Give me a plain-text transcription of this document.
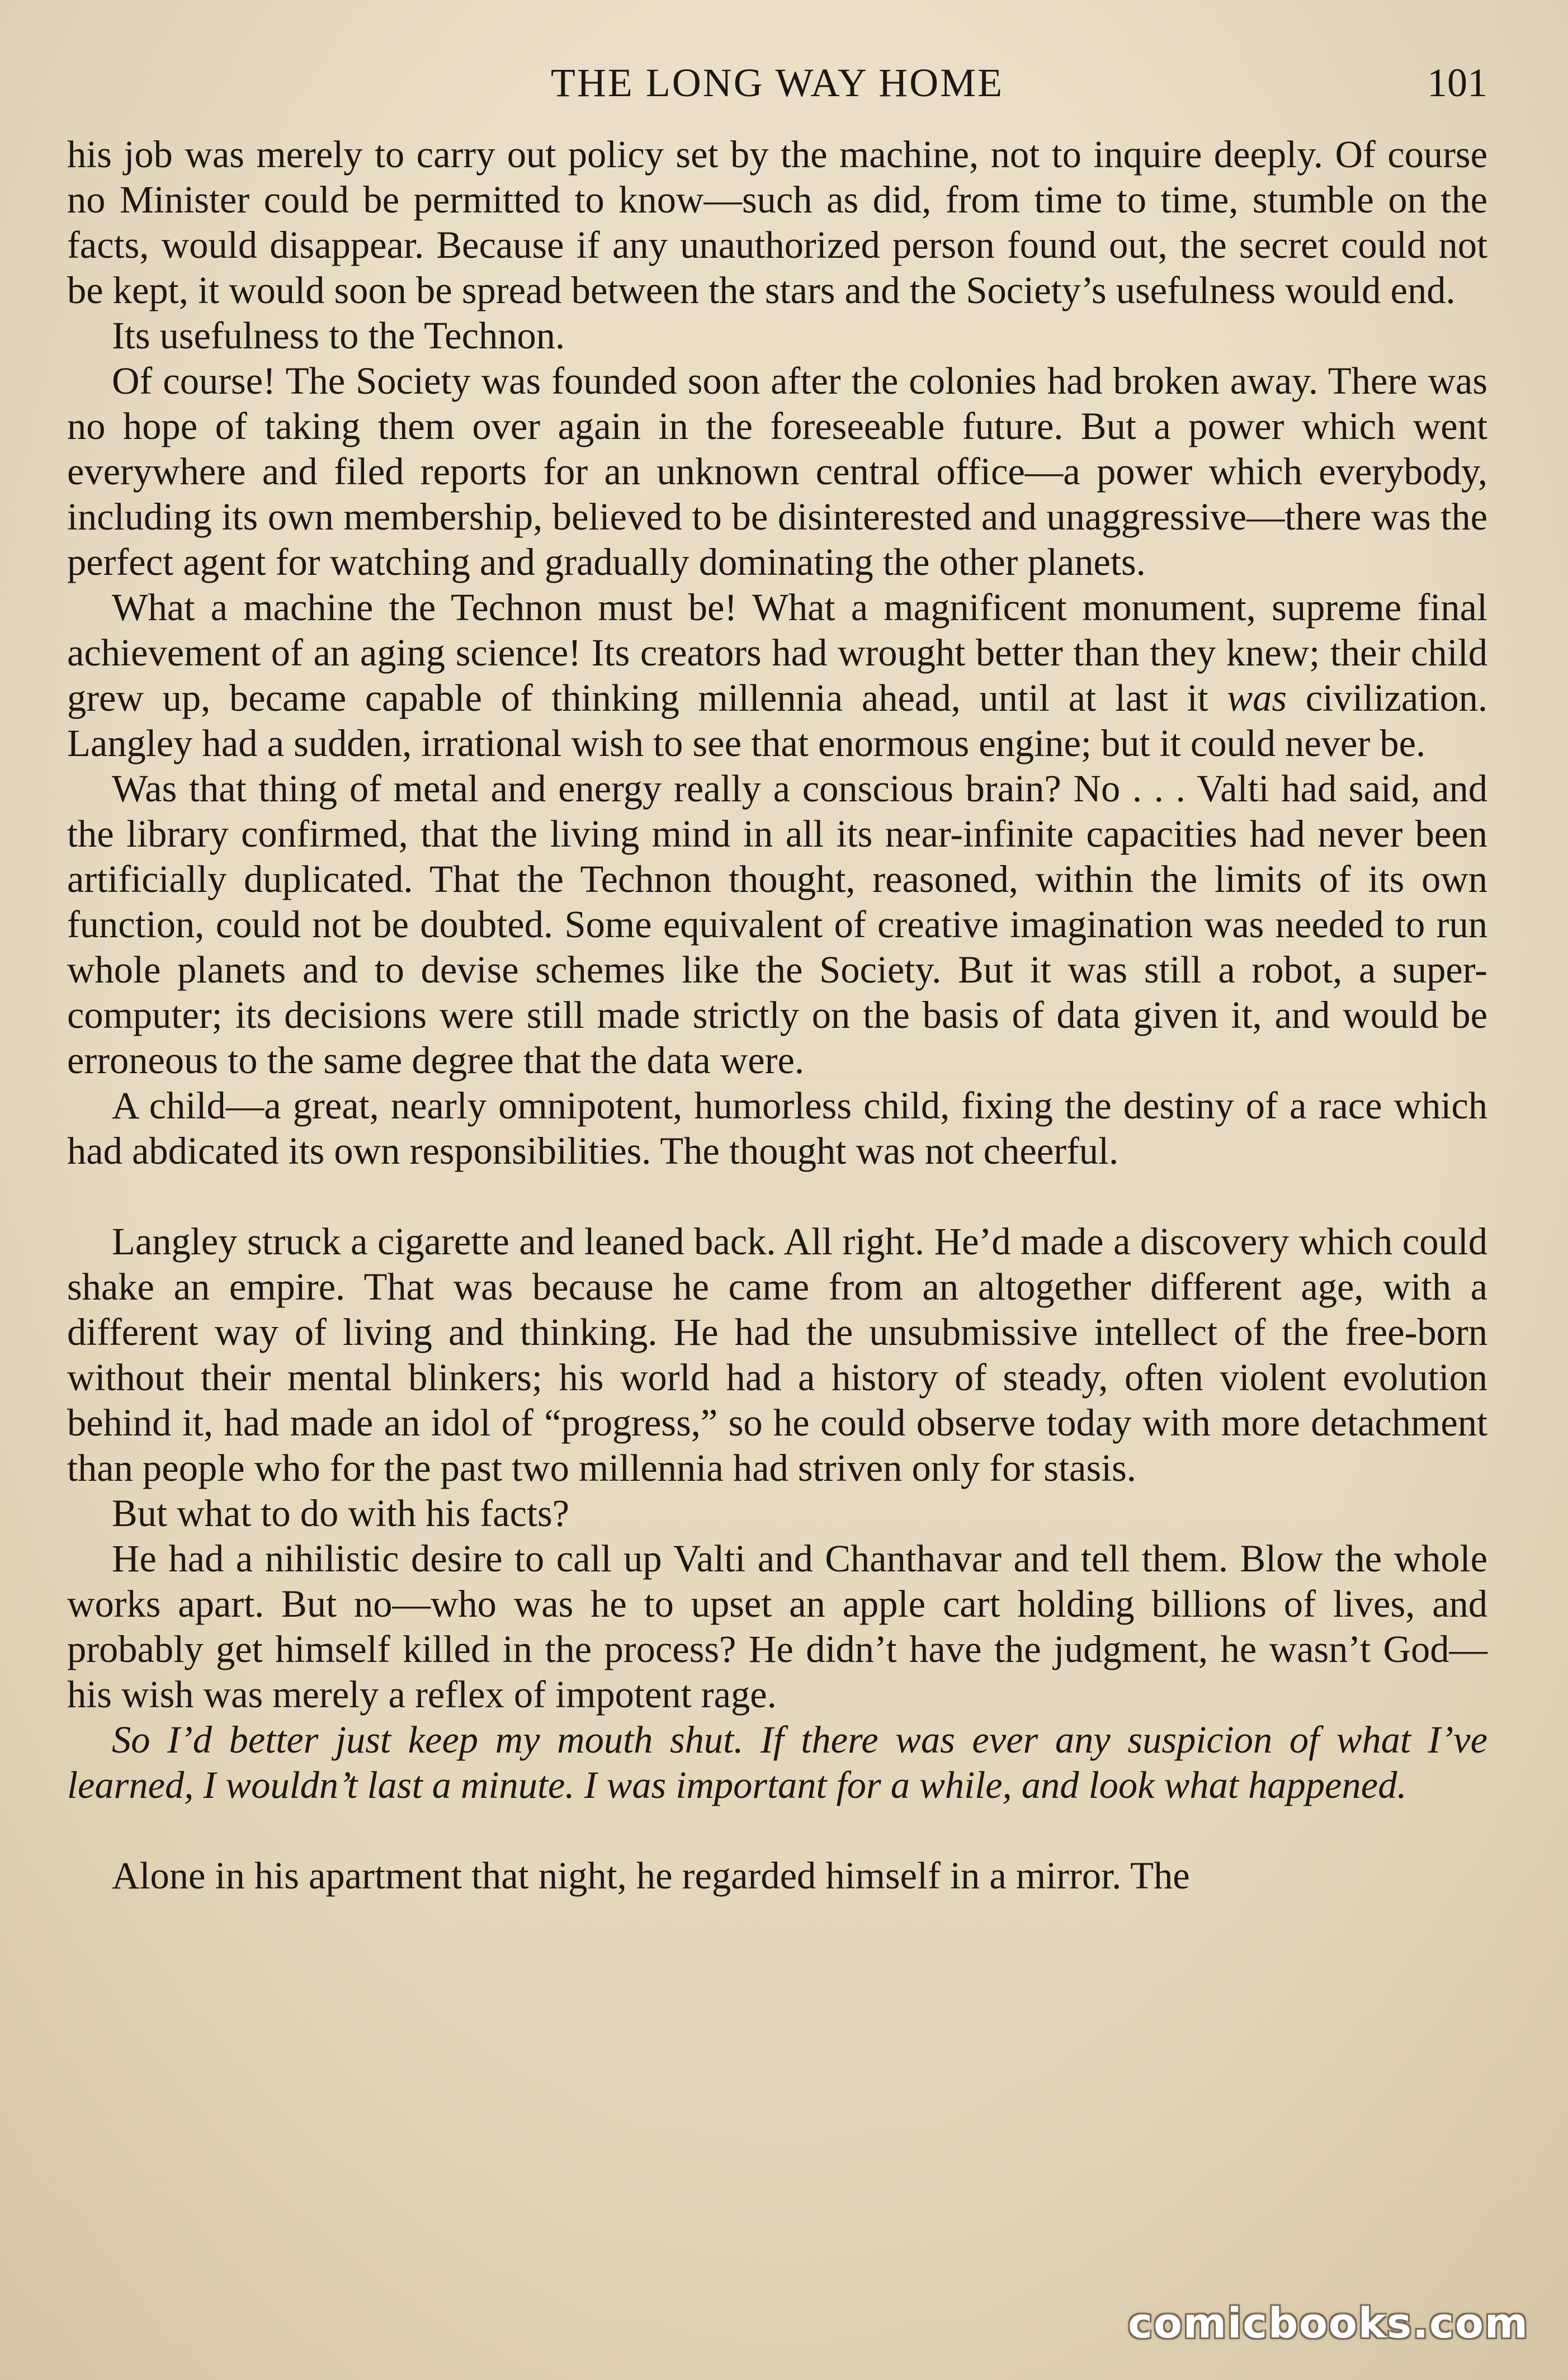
THE LONG WAY HOME	101

his job was merely to carry out policy set by the machine, not to inquire deeply. Of course no Minister could be permitted to know—such as did, from time to time, stumble on the facts, would disappear. Because if any unauthorized person found out, the secret could not be kept, it would soon be spread between the stars and the Society’s usefulness would end.

Its usefulness to the Technon.

Of course! The Society was founded soon after the colonies had broken away. There was no hope of taking them over again in the foreseeable future. But a power which went everywhere and filed reports for an unknown central office—a power which everybody, including its own membership, believed to be disinterested and unaggressive—there was the perfect agent for watching and gradually dominating the other planets.

What a machine the Technon must be! What a magnificent monument, supreme final achievement of an aging science! Its creators had wrought better than they knew; their child grew up, became capable of thinking millennia ahead, until at last it was civilization. Langley had a sudden, irrational wish to see that enormous engine; but it could never be.

Was that thing of metal and energy really a conscious brain? No . . . Valti had said, and the library confirmed, that the living mind in all its near-infinite capacities had never been artificially duplicated. That the Technon thought, reasoned, within the limits of its own function, could not be doubted. Some equivalent of creative imagination was needed to run whole planets and to devise schemes like the Society. But it was still a robot, a super-computer; its decisions were still made strictly on the basis of data given it, and would be erroneous to the same degree that the data were.

A child—a great, nearly omnipotent, humorless child, fixing the destiny of a race which had abdicated its own responsibilities. The thought was not cheerful.

Langley struck a cigarette and leaned back. All right. He’d made a discovery which could shake an empire. That was because he came from an altogether different age, with a different way of living and thinking. He had the unsubmissive intellect of the free-born without their mental blinkers; his world had a history of steady, often violent evolution behind it, had made an idol of “progress,” so he could observe today with more detachment than people who for the past two millennia had striven only for stasis.

But what to do with his facts?

He had a nihilistic desire to call up Valti and Chanthavar and tell them. Blow the whole works apart. But no—who was he to upset an apple cart holding billions of lives, and probably get himself killed in the process? He didn’t have the judgment, he wasn’t God—his wish was merely a reflex of impotent rage.

So I’d better just keep my mouth shut. If there was ever any suspicion of what I’ve learned, I wouldn’t last a minute. I was important for a while, and look what happened.

Alone in his apartment that night, he regarded himself in a mirror. The

comicbooks.com
